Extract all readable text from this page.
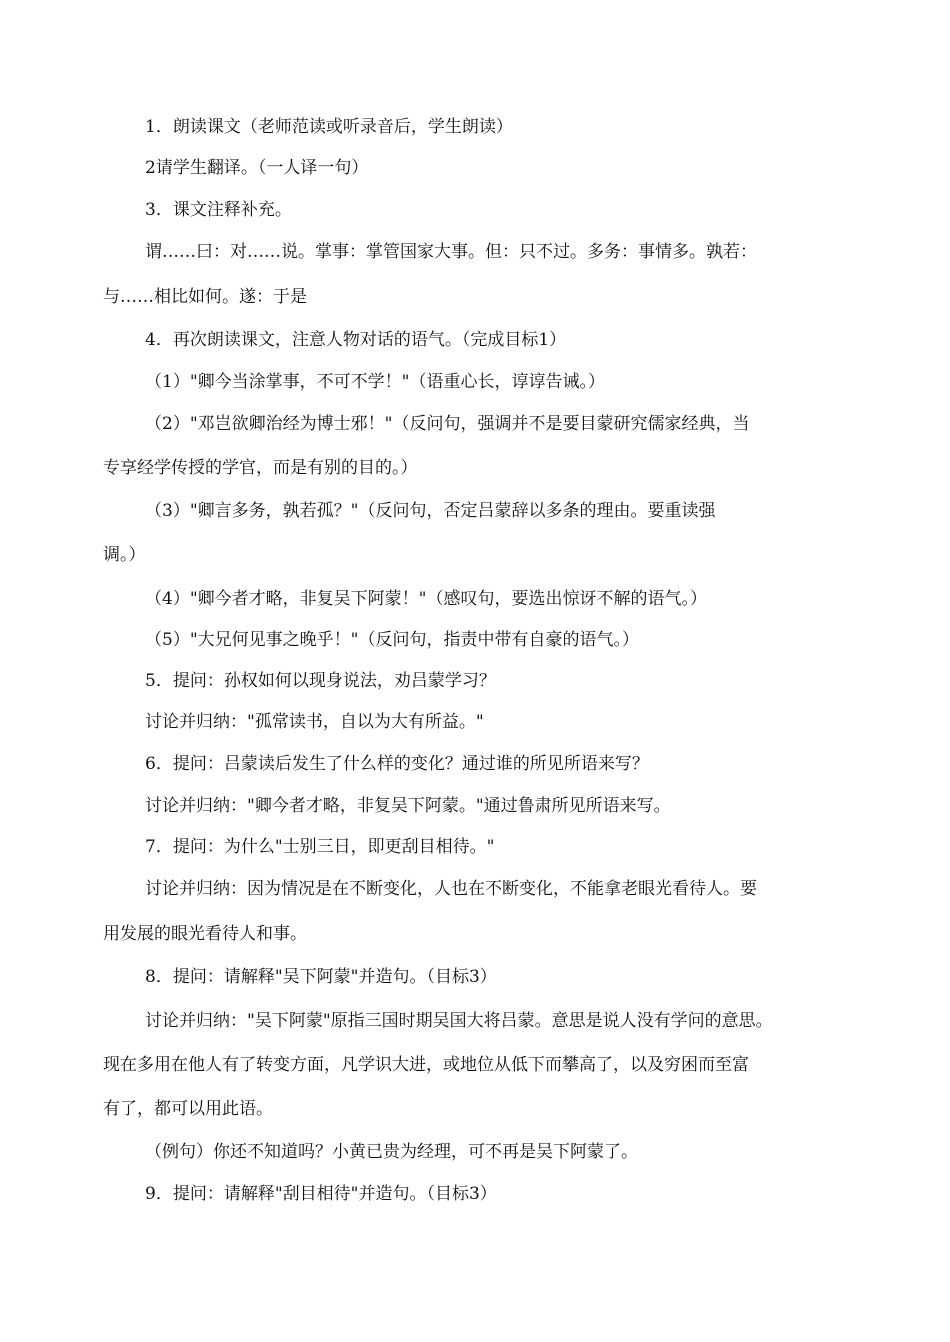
1．朗读课文（老师范读或听录音后，学生朗读）
2请学生翻译。（一人译一句）
3．课文注释补充。
谓……曰：对……说。掌事：掌管国家大事。但：只不过。多务：事情多。孰若：
与……相比如何。遂：于是
4．再次朗读课文，注意人物对话的语气。（完成目标1）
（1）"卿今当涂掌事，不可不学！"（语重心长，谆谆告诫。）
（2）"邓岂欲卿治经为博士邪！"（反问句，强调并不是要目蒙研究儒家经典，当
专享经学传授的学官，而是有别的目的。）
（3）"卿言多务，孰若孤？"（反问句，否定吕蒙辞以多条的理由。要重读强
调。）
（4）"卿今者才略，非复吴下阿蒙！"（感叹句，要选出惊讶不解的语气。）
（5）"大兄何见事之晚乎！"（反问句，指责中带有自豪的语气。）
5．提问：孙权如何以现身说法，劝吕蒙学习？
讨论并归纳："孤常读书，自以为大有所益。"
6．提问：吕蒙读后发生了什么样的变化？通过谁的所见所语来写？
讨论并归纳："卿今者才略，非复吴下阿蒙。"通过鲁肃所见所语来写。
7．提问：为什么"士别三日，即更刮目相待。"
讨论并归纳：因为情况是在不断变化，人也在不断变化，不能拿老眼光看待人。要
用发展的眼光看待人和事。
8．提问：请解释"吴下阿蒙"并造句。（目标3）
讨论并归纳："吴下阿蒙"原指三国时期吴国大将吕蒙。意思是说人没有学问的意思。
现在多用在他人有了转变方面，凡学识大进，或地位从低下而攀高了，以及穷困而至富
有了，都可以用此语。
（例句）你还不知道吗？小黄已贵为经理，可不再是吴下阿蒙了。
9．提问：请解释"刮目相待"并造句。（目标3）
